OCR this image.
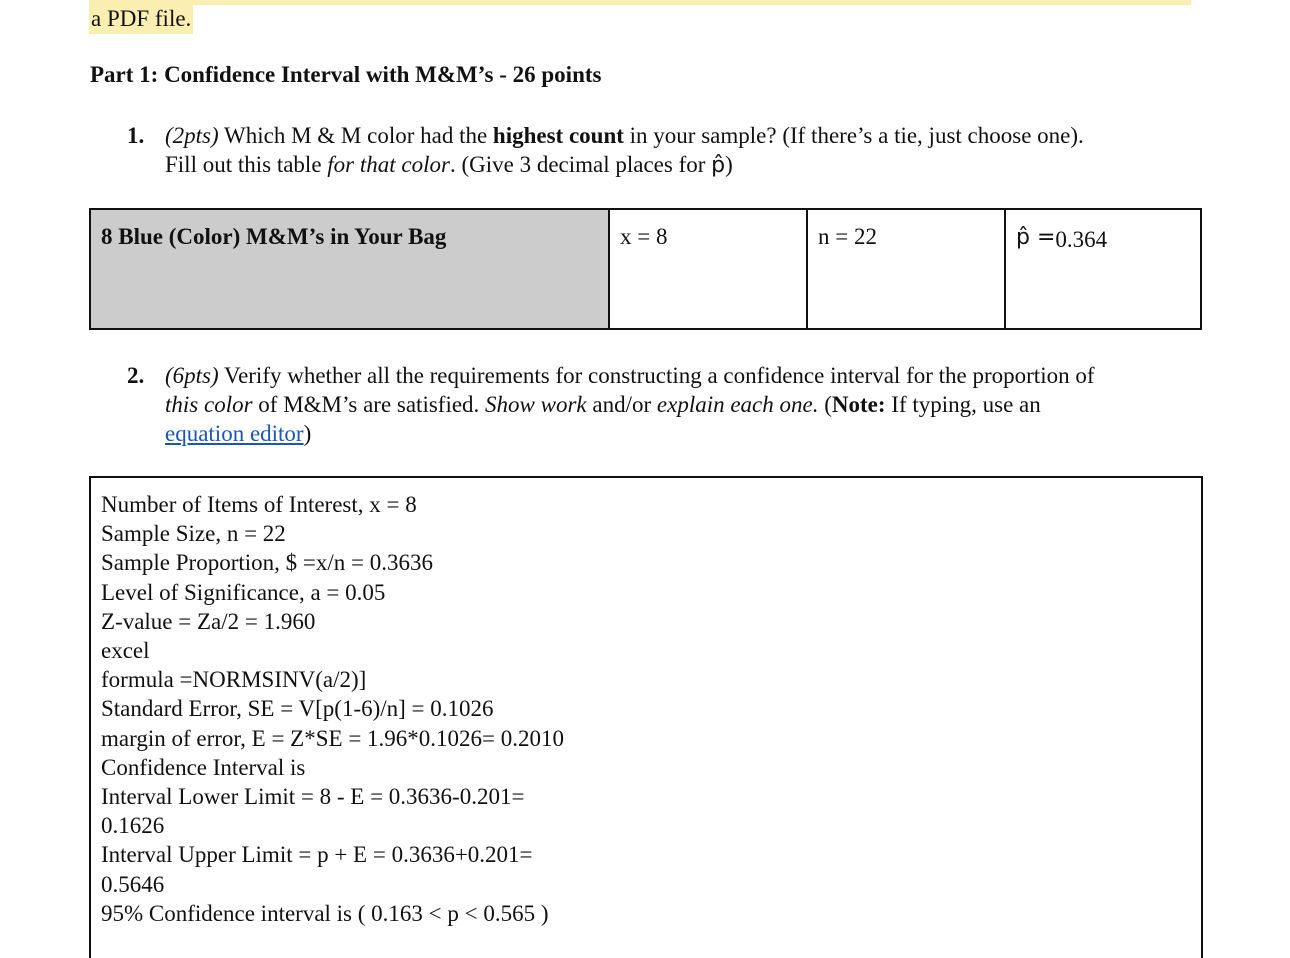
a PDF file.
Part 1: Confidence Interval with M&M’s - 26 points
1. (2pts) Which M & M color had the highest count in your sample? (If there’s a tie, just choose one).
Fill out this table for that color. (Give 3 decimal places for p̂)
8 Blue (Color) M&M’s in Your Bag	x = 8	n = 22	p̂ =0.364
2. (6pts) Verify whether all the requirements for constructing a confidence interval for the proportion of
this color of M&M’s are satisfied. Show work and/or explain each one. (Note: If typing, use an
equation editor)
Number of Items of Interest, x = 8
Sample Size, n = 22
Sample Proportion, $ =x/n = 0.3636
Level of Significance, a = 0.05
Z-value = Za/2 = 1.960
excel
formula =NORMSINV(a/2)]
Standard Error, SE = V[p(1-6)/n] = 0.1026
margin of error, E = Z*SE = 1.96*0.1026= 0.2010
Confidence Interval is
Interval Lower Limit = 8 - E = 0.3636-0.201=
0.1626
Interval Upper Limit = p + E = 0.3636+0.201=
0.5646
95% Confidence interval is ( 0.163 < p < 0.565 )
